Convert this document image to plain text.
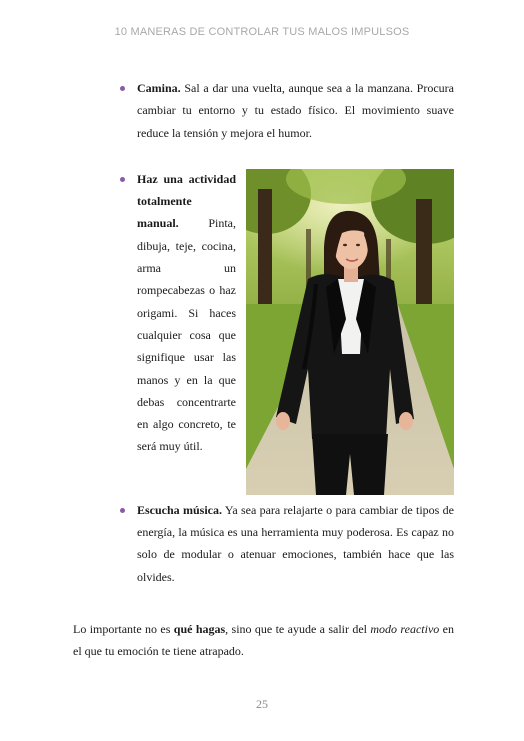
10 MANERAS DE CONTROLAR TUS MALOS IMPULSOS
Camina. Sal a dar una vuelta, aunque sea a la manzana. Procura cambiar tu entorno y tu estado físico. El movimiento suave reduce la tensión y mejora el humor.
Haz una actividad totalmente manual. Pinta, dibuja, teje, cocina, arma un rompecabezas o haz origami. Si haces cualquier cosa que signifique usar las manos y en la que debas concentrarte en algo concreto, te será muy útil.
Escucha música. Ya sea para relajarte o para cambiar de tipos de energía, la música es una herramienta muy poderosa. Es capaz no solo de modular o atenuar emociones, también hace que las olvides.

Lo importante no es qué hagas, sino que te ayude a salir del modo reactivo en el que tu emoción te tiene atrapado.

25
